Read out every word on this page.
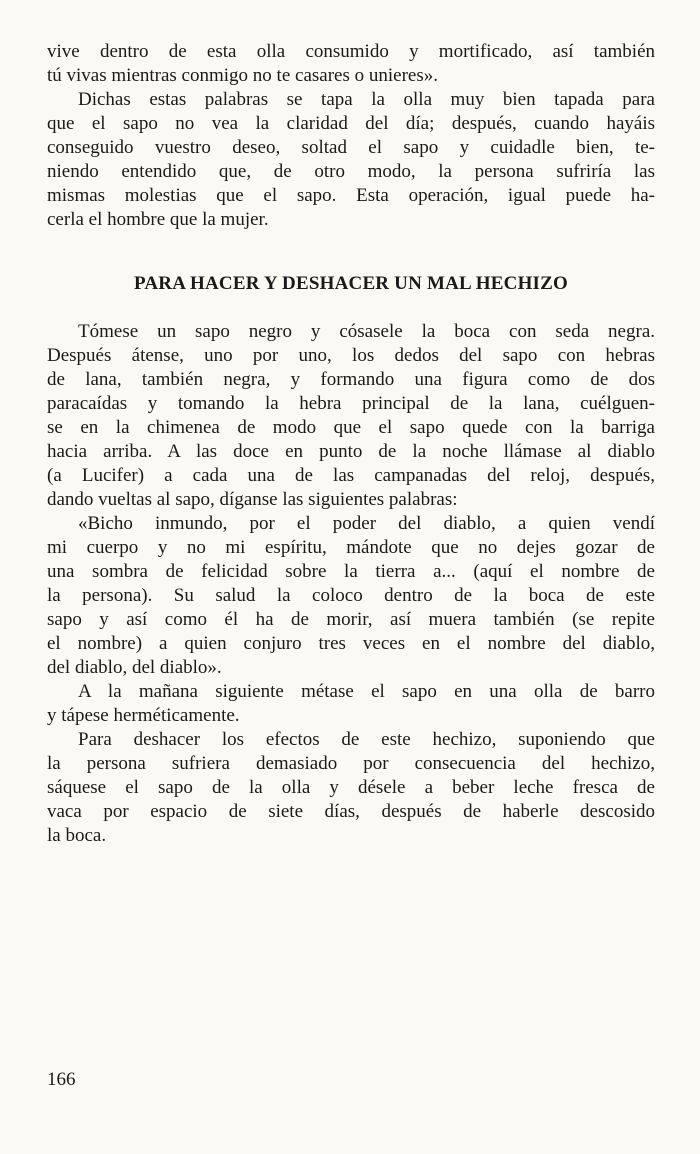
vive dentro de esta olla consumido y mortificado, así también
tú vivas mientras conmigo no te casares o unieres».
Dichas estas palabras se tapa la olla muy bien tapada para
que el sapo no vea la claridad del día; después, cuando hayáis
conseguido vuestro deseo, soltad el sapo y cuidadle bien, te-
niendo entendido que, de otro modo, la persona sufriría las
mismas molestias que el sapo. Esta operación, igual puede ha-
cerla el hombre que la mujer.
PARA HACER Y DESHACER UN MAL HECHIZO
Tómese un sapo negro y cósasele la boca con seda negra.
Después átense, uno por uno, los dedos del sapo con hebras
de lana, también negra, y formando una figura como de dos
paracaídas y tomando la hebra principal de la lana, cuélguen-
se en la chimenea de modo que el sapo quede con la barriga
hacia arriba. A las doce en punto de la noche llámase al diablo
(a Lucifer) a cada una de las campanadas del reloj, después,
dando vueltas al sapo, díganse las siguientes palabras:
«Bicho inmundo, por el poder del diablo, a quien vendí
mi cuerpo y no mi espíritu, mándote que no dejes gozar de
una sombra de felicidad sobre la tierra a... (aquí el nombre de
la persona). Su salud la coloco dentro de la boca de este
sapo y así como él ha de morir, así muera también (se repite
el nombre) a quien conjuro tres veces en el nombre del diablo,
del diablo, del diablo».
A la mañana siguiente métase el sapo en una olla de barro
y tápese herméticamente.
Para deshacer los efectos de este hechizo, suponiendo que
la persona sufriera demasiado por consecuencia del hechizo,
sáquese el sapo de la olla y désele a beber leche fresca de
vaca por espacio de siete días, después de haberle descosido
la boca.
166
